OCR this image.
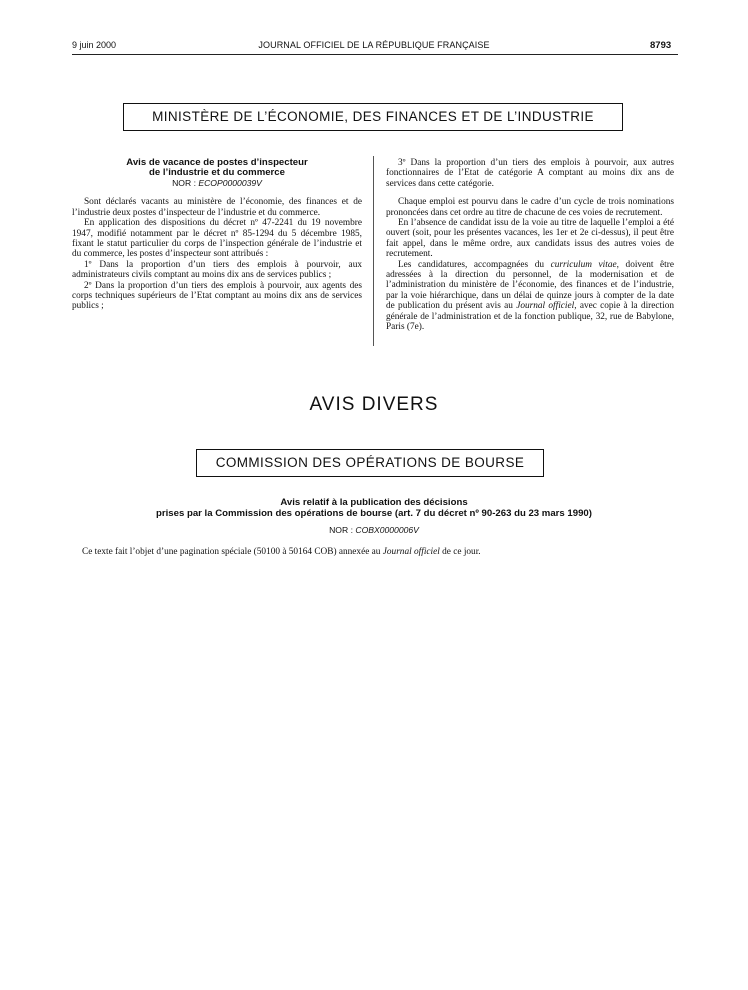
9 juin 2000	JOURNAL OFFICIEL DE LA RÉPUBLIQUE FRANÇAISE	8793
MINISTÈRE DE L’ÉCONOMIE, DES FINANCES ET DE L’INDUSTRIE
Avis de vacance de postes d’inspecteur
de l’industrie et du commerce
NOR : ECOP0000039V

Sont déclarés vacants au ministère de l’économie, des finances et de l’industrie deux postes d’inspecteur de l’industrie et du commerce.

En application des dispositions du décret nº 47-2241 du 19 novembre 1947, modifié notamment par le décret nº 85-1294 du 5 décembre 1985, fixant le statut particulier du corps de l’inspection générale de l’industrie et du commerce, les postes d’inspecteur sont attribués :

1º Dans la proportion d’un tiers des emplois à pourvoir, aux administrateurs civils comptant au moins dix ans de services publics ;

2º Dans la proportion d’un tiers des emplois à pourvoir, aux agents des corps techniques supérieurs de l’Etat comptant au moins dix ans de services publics ;

3º Dans la proportion d’un tiers des emplois à pourvoir, aux autres fonctionnaires de l’Etat de catégorie A comptant au moins dix ans de services dans cette catégorie.

Chaque emploi est pourvu dans le cadre d’un cycle de trois nominations prononcées dans cet ordre au titre de chacune de ces voies de recrutement.

En l’absence de candidat issu de la voie au titre de laquelle l’emploi a été ouvert (soit, pour les présentes vacances, les 1er et 2e ci-dessus), il peut être fait appel, dans le même ordre, aux candidats issus des autres voies de recrutement.

Les candidatures, accompagnées du curriculum vitae, doivent être adressées à la direction du personnel, de la modernisation et de l’administration du ministère de l’économie, des finances et de l’industrie, par la voie hiérarchique, dans un délai de quinze jours à compter de la date de publication du présent avis au Journal officiel, avec copie à la direction générale de l’administration et de la fonction publique, 32, rue de Babylone, Paris (7e).

AVIS DIVERS
COMMISSION DES OPÉRATIONS DE BOURSE
Avis relatif à la publication des décisions
prises par la Commission des opérations de bourse (art. 7 du décret nº 90-263 du 23 mars 1990)
NOR : COBX0000006V
Ce texte fait l’objet d’une pagination spéciale (50100 à 50164 COB) annexée au Journal officiel de ce jour.
